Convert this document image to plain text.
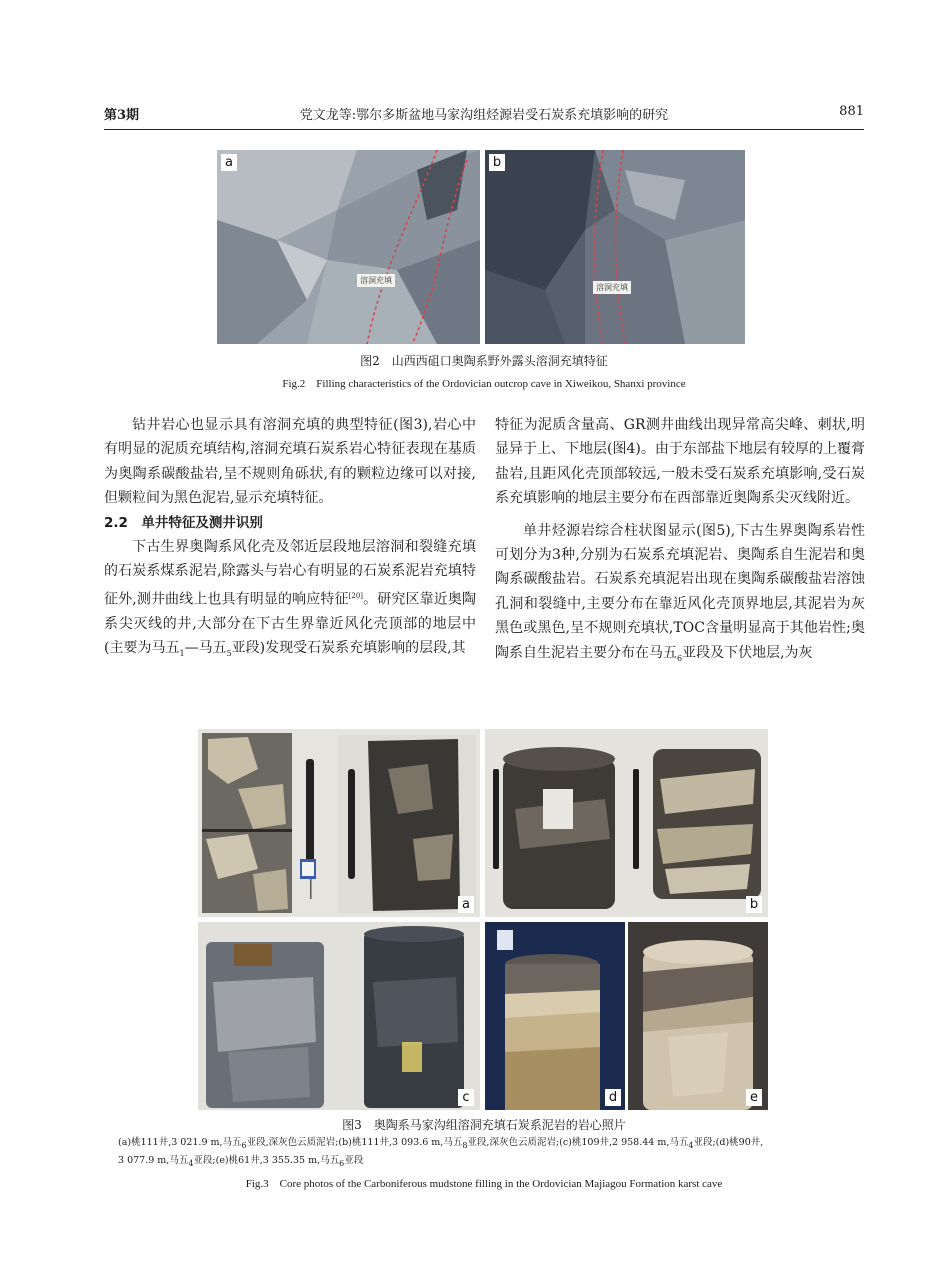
第3期	党文龙等:鄂尔多斯盆地马家沟组烃源岩受石炭系充填影响的研究	881
a
溶洞充填
b
溶洞充填
图2　山西西砠口奥陶系野外露头溶洞充填特征
Fig.2　Filling characteristics of the Ordovician outcrop cave in Xiweikou, Shanxi province

钻井岩心也显示具有溶洞充填的典型特征(图3),岩心中有明显的泥质充填结构,溶洞充填石炭系岩心特征表现在基质为奥陶系碳酸盐岩,呈不规则角砾状,有的颗粒边缘可以对接,但颗粒间为黑色泥岩,显示充填特征。

2.2　单井特征及测井识别

下古生界奥陶系风化壳及邻近层段地层溶洞和裂缝充填的石炭系煤系泥岩,除露头与岩心有明显的石炭系泥岩充填特征外,测井曲线上也具有明显的响应特征[20]。研究区靠近奥陶系尖灭线的井,大部分在下古生界靠近风化壳顶部的地层中(主要为马五$_1$—马五$_5$亚段)发现受石炭系充填影响的层段,其

特征为泥质含量高、GR测井曲线出现异常高尖峰、刺状,明显异于上、下地层(图4)。由于东部盐下地层有较厚的上覆膏盐岩,且距风化壳顶部较远,一般未受石炭系充填影响,受石炭系充填影响的地层主要分布在西部靠近奥陶系尖灭线附近。

单井烃源岩综合柱状图显示(图5),下古生界奥陶系岩性可划分为3种,分别为石炭系充填泥岩、奥陶系自生泥岩和奥陶系碳酸盐岩。石炭系充填泥岩出现在奥陶系碳酸盐岩溶蚀孔洞和裂缝中,主要分布在靠近风化壳顶界地层,其泥岩为灰黑色或黑色,呈不规则充填状,TOC含量明显高于其他岩性;奥陶系自生泥岩主要分布在马五$_6$亚段及下伏地层,为灰

a	b
c	d	e
图3　奥陶系马家沟组溶洞充填石炭系泥岩的岩心照片
(a)桃111井,3 021.9 m,马五$_6$亚段,深灰色云质泥岩;(b)桃111井,3 093.6 m,马五$_8$亚段,深灰色云质泥岩;(c)桃109井,2 958.44 m,马五$_4$亚段;(d)桃90井,
3 077.9 m,马五$_4$亚段;(e)桃61井,3 355.35 m,马五$_6$亚段
Fig.3　Core photos of the Carboniferous mudstone filling in the Ordovician Majiagou Formation karst cave
